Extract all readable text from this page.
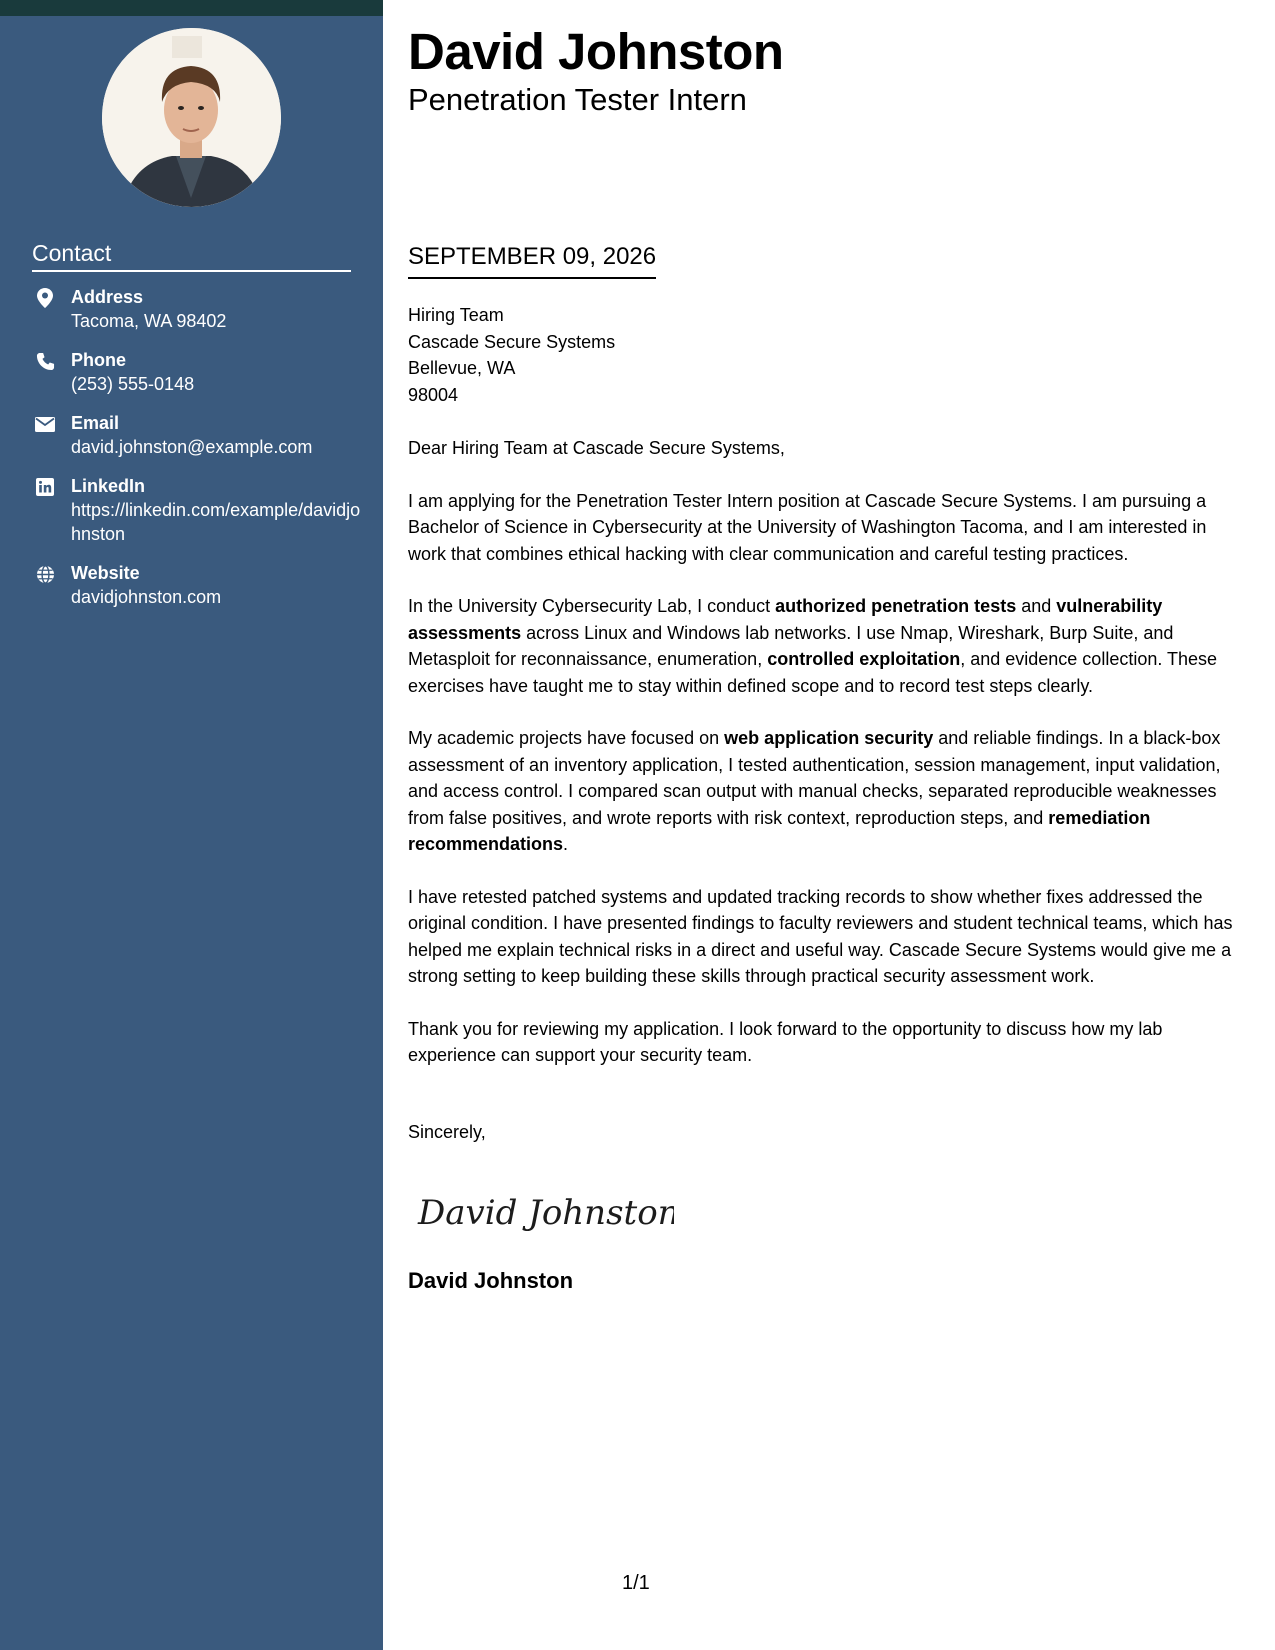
Contact
Address
Tacoma, WA 98402
Phone
(253) 555-0148
Email
david.johnston@example.com
LinkedIn
https://linkedin.com/example/davidjohnston
Website
davidjohnston.com
David Johnston
Penetration Tester Intern
SEPTEMBER 09, 2026
Hiring Team
Cascade Secure Systems
Bellevue, WA
98004

Dear Hiring Team at Cascade Secure Systems,

I am applying for the Penetration Tester Intern position at Cascade Secure Systems. I am pursuing a Bachelor of Science in Cybersecurity at the University of Washington Tacoma, and I am interested in work that combines ethical hacking with clear communication and careful testing practices.

In the University Cybersecurity Lab, I conduct authorized penetration tests and vulnerability assessments across Linux and Windows lab networks. I use Nmap, Wireshark, Burp Suite, and Metasploit for reconnaissance, enumeration, controlled exploitation, and evidence collection. These exercises have taught me to stay within defined scope and to record test steps clearly.

My academic projects have focused on web application security and reliable findings. In a black-box assessment of an inventory application, I tested authentication, session management, input validation, and access control. I compared scan output with manual checks, separated reproducible weaknesses from false positives, and wrote reports with risk context, reproduction steps, and remediation recommendations.

I have retested patched systems and updated tracking records to show whether fixes addressed the original condition. I have presented findings to faculty reviewers and student technical teams, which has helped me explain technical risks in a direct and useful way. Cascade Secure Systems would give me a strong setting to keep building these skills through practical security assessment work.

Thank you for reviewing my application. I look forward to the opportunity to discuss how my lab experience can support your security team.

Sincerely,
David Johnston
David Johnston
1/1
